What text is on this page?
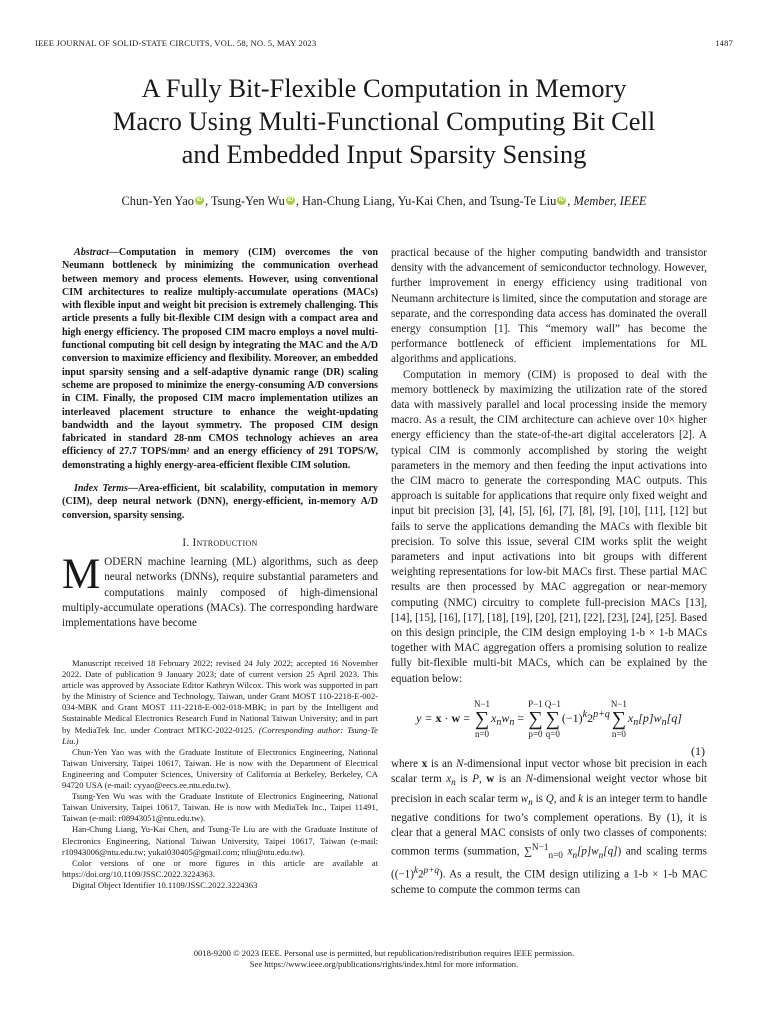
IEEE JOURNAL OF SOLID-STATE CIRCUITS, VOL. 58, NO. 5, MAY 2023	1487
A Fully Bit-Flexible Computation in Memory
Macro Using Multi-Functional Computing Bit Cell
and Embedded Input Sparsity Sensing
Chun-Yen Yao iD , Tsung-Yen Wu iD , Han-Chung Liang, Yu-Kai Chen, and Tsung-Te Liu iD , Member, IEEE

Abstract—Computation in memory (CIM) overcomes the von Neumann bottleneck by minimizing the communication overhead between memory and process elements. However, using conventional CIM architectures to realize multiply-accumulate operations (MACs) with flexible input and weight bit precision is extremely challenging. This article presents a fully bit-flexible CIM design with a compact area and high energy efficiency. The proposed CIM macro employs a novel multi-functional computing bit cell design by integrating the MAC and the A/D conversion to maximize efficiency and flexibility. Moreover, an embedded input sparsity sensing and a self-adaptive dynamic range (DR) scaling scheme are proposed to minimize the energy-consuming A/D conversions in CIM. Finally, the proposed CIM macro implementation utilizes an interleaved placement structure to enhance the weight-updating bandwidth and the layout symmetry. The proposed CIM design fabricated in standard 28-nm CMOS technology achieves an area efficiency of 27.7 TOPS/mm² and an energy efficiency of 291 TOPS/W, demonstrating a highly energy-area-efficient flexible CIM solution.

Index Terms—Area-efficient, bit scalability, computation in memory (CIM), deep neural network (DNN), energy-efficient, in-memory A/D conversion, sparsity sensing.

I. Introduction

MODERN machine learning (ML) algorithms, such as deep neural networks (DNNs), require substantial parameters and computations mainly composed of high-dimensional multiply-accumulate operations (MACs). The corresponding hardware implementations have become

Manuscript received 18 February 2022; revised 24 July 2022; accepted 16 November 2022. Date of publication 9 January 2023; date of current version 25 April 2023. This article was approved by Associate Editor Kathryn Wilcox. This work was supported in part by the Ministry of Science and Technology, Taiwan, under Grant MOST 110-2218-E-002-034-MBK and Grant MOST 111-2218-E-002-018-MBK; in part by the Intelligent and Sustainable Medical Electronics Research Fund in National Taiwan University; and in part by MediaTek Inc. under Contract MTKC-2022-0125. (Corresponding author: Tsung-Te Liu.)

Chun-Yen Yao was with the Graduate Institute of Electronics Engineering, National Taiwan University, Taipei 10617, Taiwan. He is now with the Department of Electrical Engineering and Computer Sciences, University of California at Berkeley, Berkeley, CA 94720 USA (e-mail: cyyao@eecs.ee.ntu.edu.tw).

Tsung-Yen Wu was with the Graduate Institute of Electronics Engineering, National Taiwan University, Taipei 10617, Taiwan. He is now with MediaTek Inc., Taipei 11491, Taiwan (e-mail: r08943051@ntu.edu.tw).

Han-Chung Liang, Yu-Kai Chen, and Tsung-Te Liu are with the Graduate Institute of Electronics Engineering, National Taiwan University, Taipei 10617, Taiwan (e-mail: r10943006@ntu.edu.tw; yukai030405@gmail.com; ttliu@ntu.edu.tw).

Color versions of one or more figures in this article are available at https://doi.org/10.1109/JSSC.2022.3224363.

Digital Object Identifier 10.1109/JSSC.2022.3224363

practical because of the higher computing bandwidth and transistor density with the advancement of semiconductor technology. However, further improvement in energy efficiency using traditional von Neumann architecture is limited, since the computation and storage are separate, and the corresponding data access has dominated the overall energy consumption [1]. This “memory wall” has become the performance bottleneck of efficient implementations for ML algorithms and applications.

Computation in memory (CIM) is proposed to deal with the memory bottleneck by maximizing the utilization rate of the stored data with massively parallel and local processing inside the memory macro. As a result, the CIM architecture can achieve over 10× higher energy efficiency than the state-of-the-art digital accelerators [2]. A typical CIM is commonly accomplished by storing the weight parameters in the memory and then feeding the input activations into the CIM macro to generate the corresponding MAC outputs. This approach is suitable for applications that require only fixed weight and input bit precision [3], [4], [5], [6], [7], [8], [9], [10], [11], [12] but fails to serve the applications demanding the MACs with flexible bit precision. To solve this issue, several CIM works split the weight parameters and input activations into bit groups with different weighting representations for low-bit MACs first. These partial MAC results are then processed by MAC aggregation or near-memory computing (NMC) circuitry to complete full-precision MACs [13], [14], [15], [16], [17], [18], [19], [20], [21], [22], [23], [24], [25]. Based on this design principle, the CIM design employing 1-b × 1-b MACs together with MAC aggregation offers a promising solution to realize fully bit-flexible multi-bit MACs, which can be explained by the equation below:

y = x · w = N−1
∑
$n=0x_nw_n = P-1$
∑
p=0Q−1
∑
$q=0(-1)^k2^{p+q}N-1$
∑
$n=0x_n[p]w_n[q]$
(1)

where x is an N-dimensional input vector whose bit precision in each scalar term $x_n$ is P, w is an N-dimensional weight vector whose bit precision in each scalar term $w_n$ is Q, and k is an integer term to handle negative conditions for two’s complement operations. By (1), it is clear that a general MAC consists of only two classes of components: common terms (summation, ∑$^{N-1}_{n=0}$ $x_n[p]w_n[q]$) and scaling terms $((-1)^k2^{p+q})$. As a result, the CIM design utilizing a 1-b × 1-b MAC scheme to compute the common terms can

0018-9200 © 2023 IEEE. Personal use is permitted, but republication/redistribution requires IEEE permission.
See https://www.ieee.org/publications/rights/index.html for more information.
